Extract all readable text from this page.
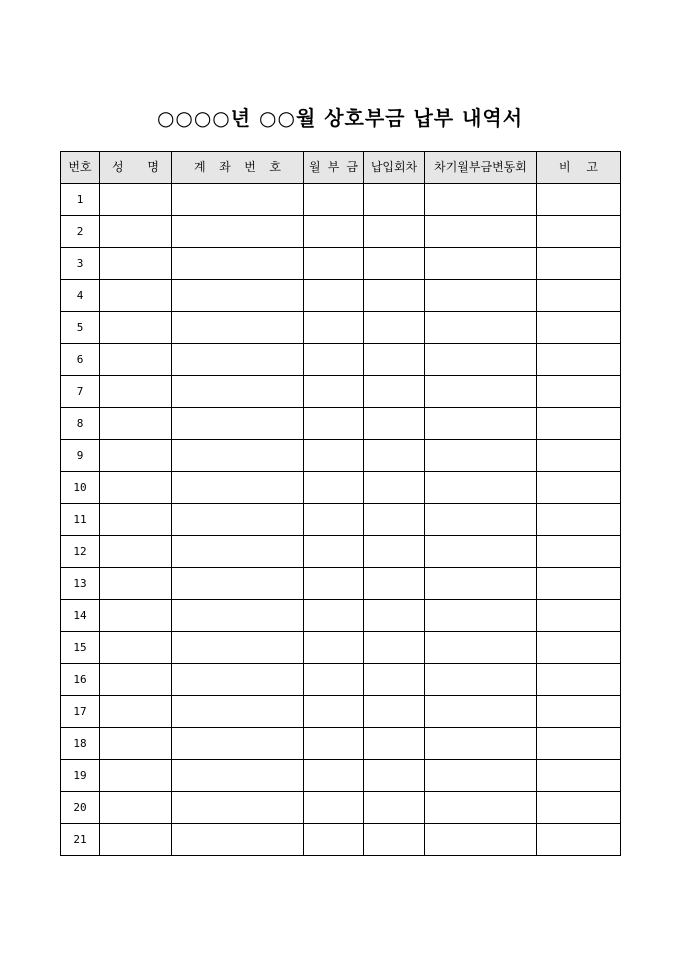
○○○○년 ○○월 상호부금 납부 내역서
번호	성 명	계 좌 번 호	월 부 금	납입회차	차기월부금변동회	비 고

1						
2						
3						
4						
5						
6						
7						
8						
9						
10						
11						
12						
13						
14						
15						
16						
17						
18						
19						
20						
21						
